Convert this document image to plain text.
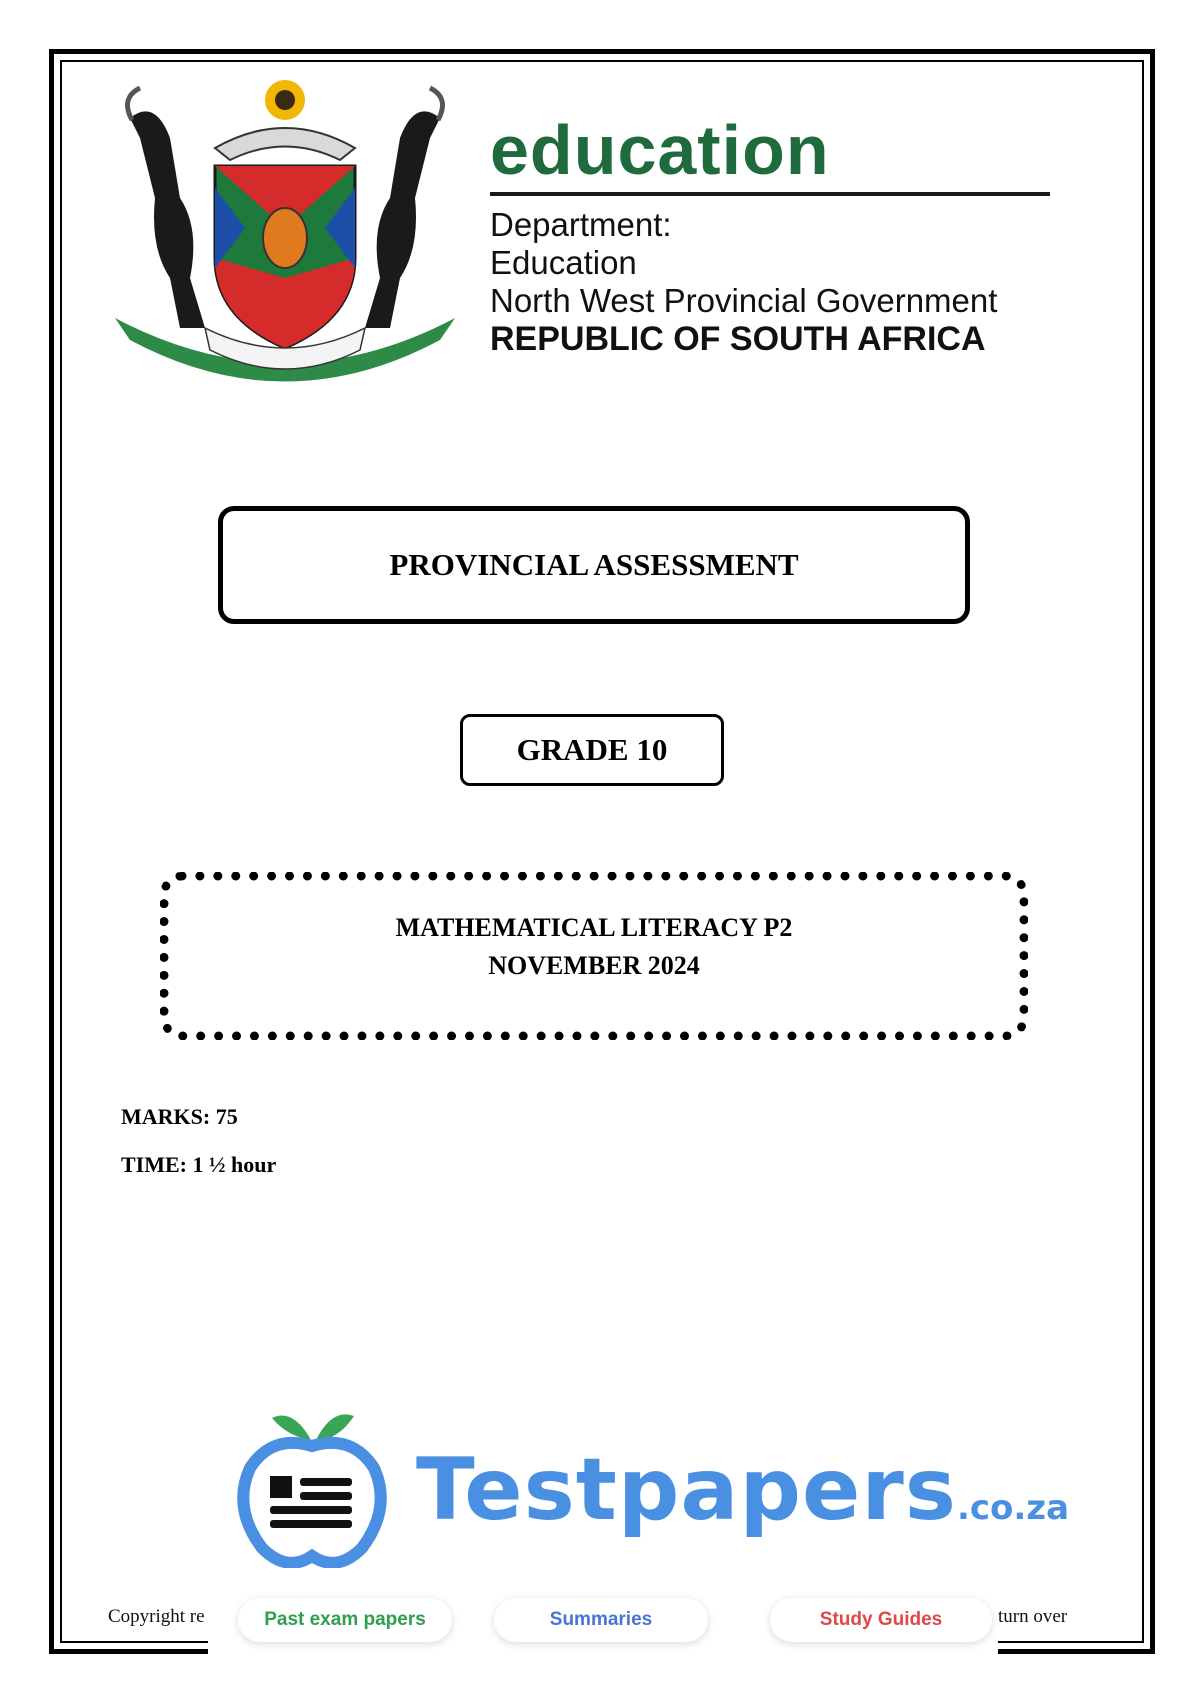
education
Department:
Education
North West Provincial Government
REPUBLIC OF SOUTH AFRICA
PROVINCIAL ASSESSMENT
GRADE 10
MATHEMATICAL LITERACY P2
NOVEMBER 2024
MARKS: 75
TIME: 1 ½ hour
Testpapers.co.za
Copyright re	turn over
Past exam papers	Summaries	Study Guides
